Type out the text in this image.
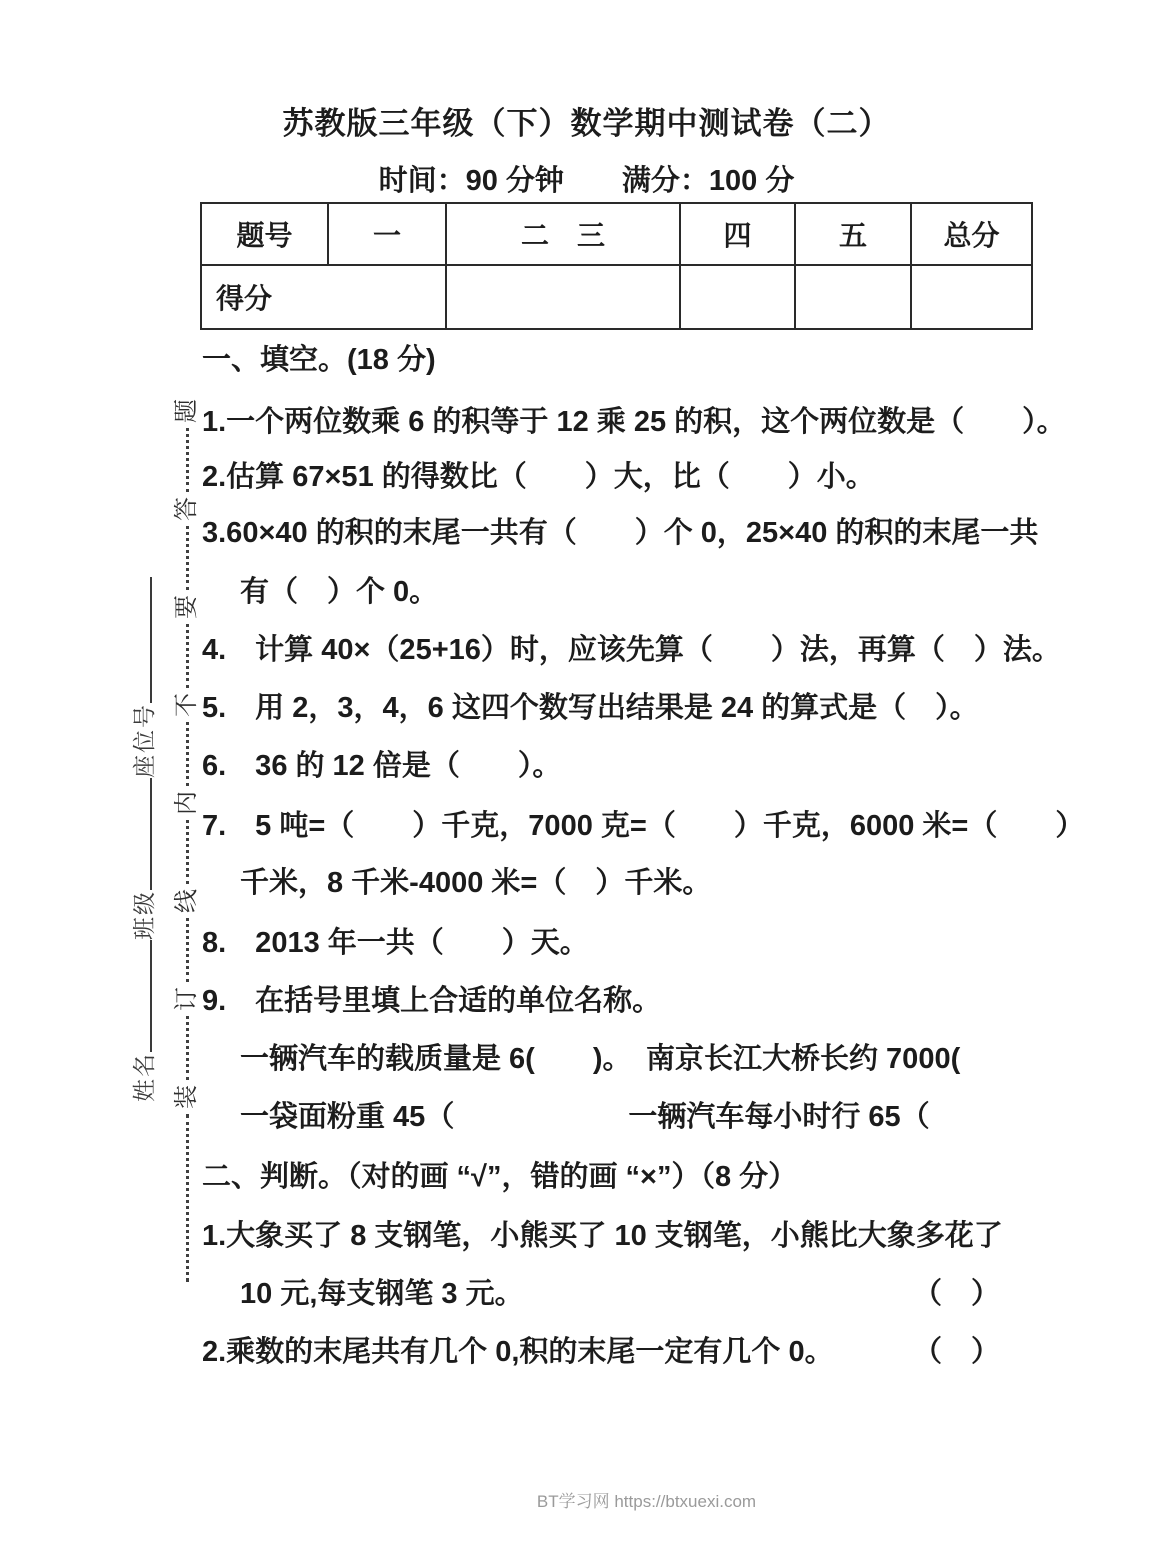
姓名班级座位号
装订线内不要答题
苏教版三年级（下）数学期中测试卷（二）
时间：90 分钟　　满分：100 分
题号	一	二　三	四	五	总分
得分					
一、填空。(18 分)
1.一个两位数乘 6 的积等于 12 乘 25 的积，这个两位数是（　　）。
2.估算 67×51 的得数比（　　）大，比（　　）小。
3.60×40 的积的末尾一共有（　　）个 0，25×40 的积的末尾一共
有（　）个 0。
4.　计算 40×（25+16）时，应该先算（　　）法，再算（　）法。
5.　用 2，3，4，6 这四个数写出结果是 24 的算式是（　）。
6.　36 的 12 倍是（　　）。
7.　5 吨=（　　）千克，7000 克=（　　）千克，6000 米=（　　）
千米，8 千米-4000 米=（　）千米。
8.　2013 年一共（　　）天。
9.　在括号里填上合适的单位名称。
一辆汽车的载质量是 6(　　)。　南京长江大桥长约 7000(
一袋面粉重 45（　　　　　　一辆汽车每小时行 65（
二、判断。（对的画 “√”，错的画 “×”）（8 分）
1.大象买了 8 支钢笔，小熊买了 10 支钢笔，小熊比大象多花了
10 元,每支钢笔 3 元。	（　）
2.乘数的末尾共有几个 0,积的末尾一定有几个 0。	（　）
BT学习网 https://btxuexi.com
